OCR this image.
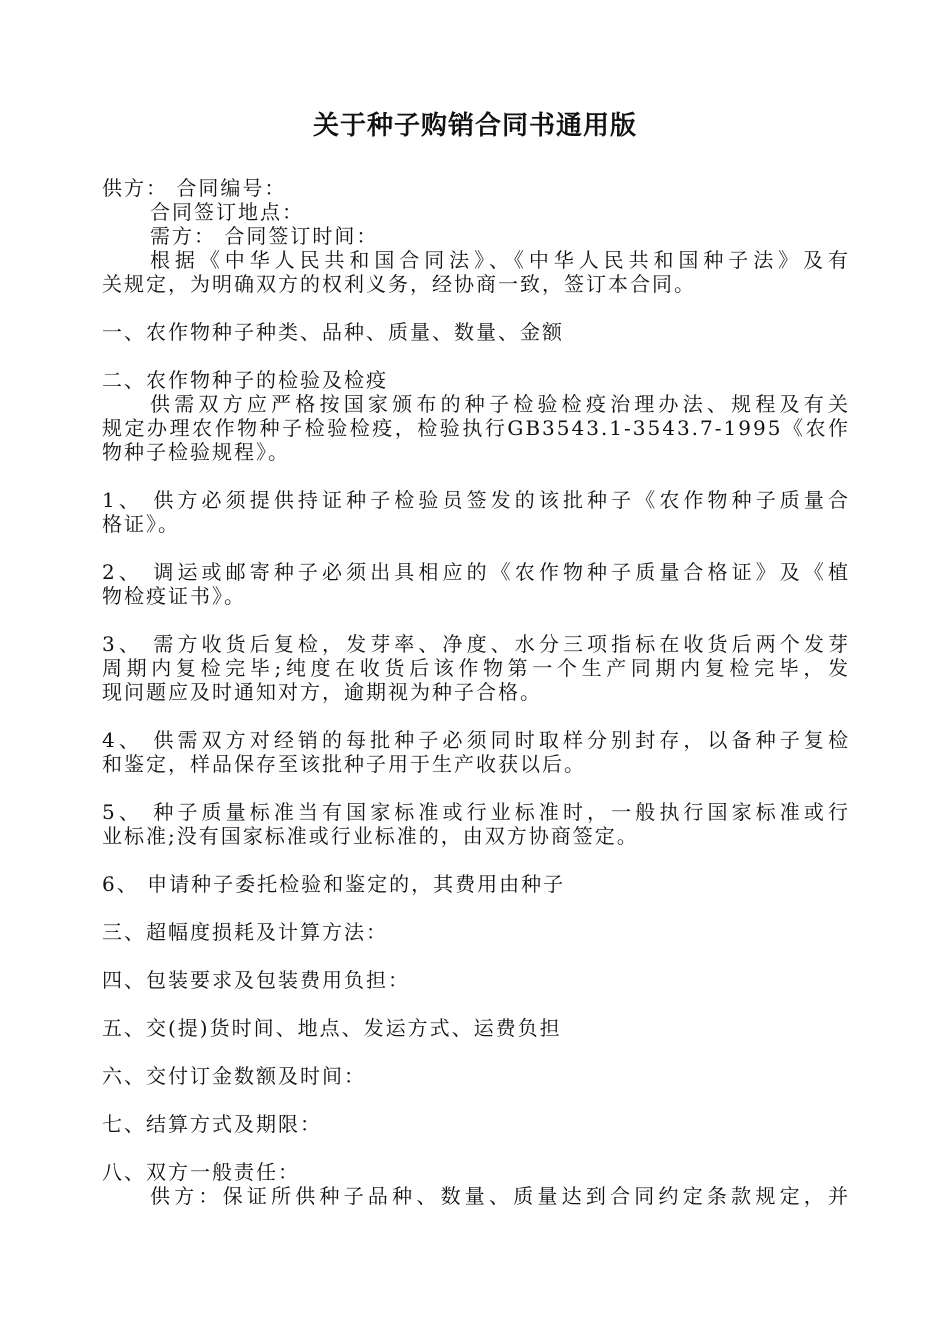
关于种子购销合同书通用版
供方： 合同编号：
合同签订地点：
需方： 合同签订时间：
根据《中华人民共和国合同法》、《中华人民共和国种子法》及有
关规定，为明确双方的权利义务，经协商一致，签订本合同。
一、农作物种子种类、品种、质量、数量、金额
二、农作物种子的检验及检疫
供需双方应严格按国家颁布的种子检验检疫治理办法、规程及有关
规定办理农作物种子检验检疫，检验执行GB3543.1-3543.7-1995《农作
物种子检验规程》。
1、 供方必须提供持证种子检验员签发的该批种子《农作物种子质量合
格证》。
2、 调运或邮寄种子必须出具相应的《农作物种子质量合格证》及《植
物检疫证书》。
3、 需方收货后复检，发芽率、净度、水分三项指标在收货后两个发芽
周期内复检完毕;纯度在收货后该作物第一个生产同期内复检完毕，发
现问题应及时通知对方，逾期视为种子合格。
4、 供需双方对经销的每批种子必须同时取样分别封存，以备种子复检
和鉴定，样品保存至该批种子用于生产收获以后。
5、 种子质量标准当有国家标准或行业标准时，一般执行国家标准或行
业标准;没有国家标准或行业标准的，由双方协商签定。
6、 申请种子委托检验和鉴定的，其费用由种子
三、超幅度损耗及计算方法：
四、包装要求及包装费用负担：
五、交(提)货时间、地点、发运方式、运费负担
六、交付订金数额及时间：
七、结算方式及期限：
八、双方一般责任：
供方：保证所供种子品种、数量、质量达到合同约定条款规定，并
